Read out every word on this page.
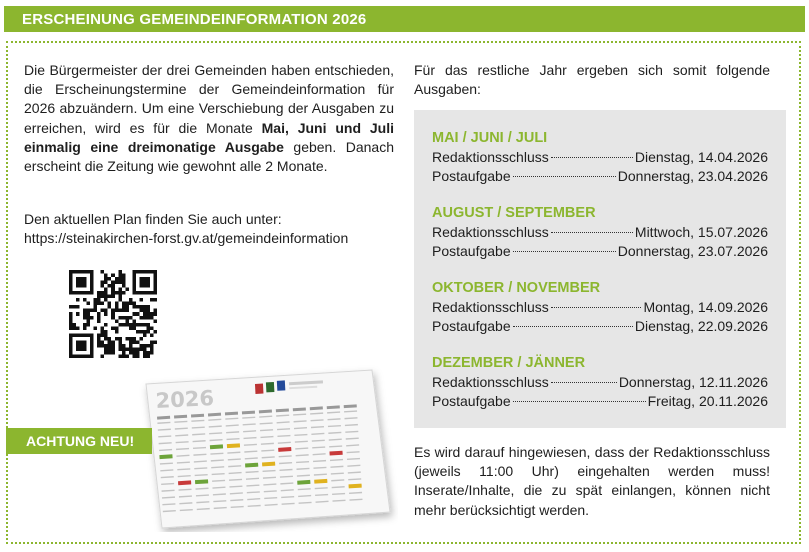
ERSCHEINUNG GEMEINDEINFORMATION 2026

Die Bürgermeister der drei Gemeinden haben entschieden, die Erscheinungstermine der Gemeindeinformation für 2026 abzuändern. Um eine Verschiebung der Ausgaben zu erreichen, wird es für die Monate Mai, Juni und Juli einmalig eine dreimonatige Ausgabe geben. Danach erscheint die Zeitung wie gewohnt alle 2 Monate.

Den aktuellen Plan finden Sie auch unter:
https://steinakirchen-forst.gv.at/gemeindeinformation

2026
ACHTUNG NEU!

Für das restliche Jahr ergeben sich somit folgende Ausgaben:

MAI / JUNI / JULI
Redaktionsschluss	Dienstag, 14.04.2026
Postaufgabe	Donnerstag, 23.04.2026
AUGUST / SEPTEMBER
Redaktionsschluss	Mittwoch, 15.07.2026
Postaufgabe	Donnerstag, 23.07.2026
OKTOBER / NOVEMBER
Redaktionsschluss	Montag, 14.09.2026
Postaufgabe	Dienstag, 22.09.2026
DEZEMBER / JÄNNER
Redaktionsschluss	Donnerstag, 12.11.2026
Postaufgabe	Freitag, 20.11.2026

Es wird darauf hingewiesen, dass der Redaktionsschluss (jeweils 11:00 Uhr) eingehalten werden muss! Inserate/Inhalte, die zu spät einlangen, können nicht mehr berücksichtigt werden.
